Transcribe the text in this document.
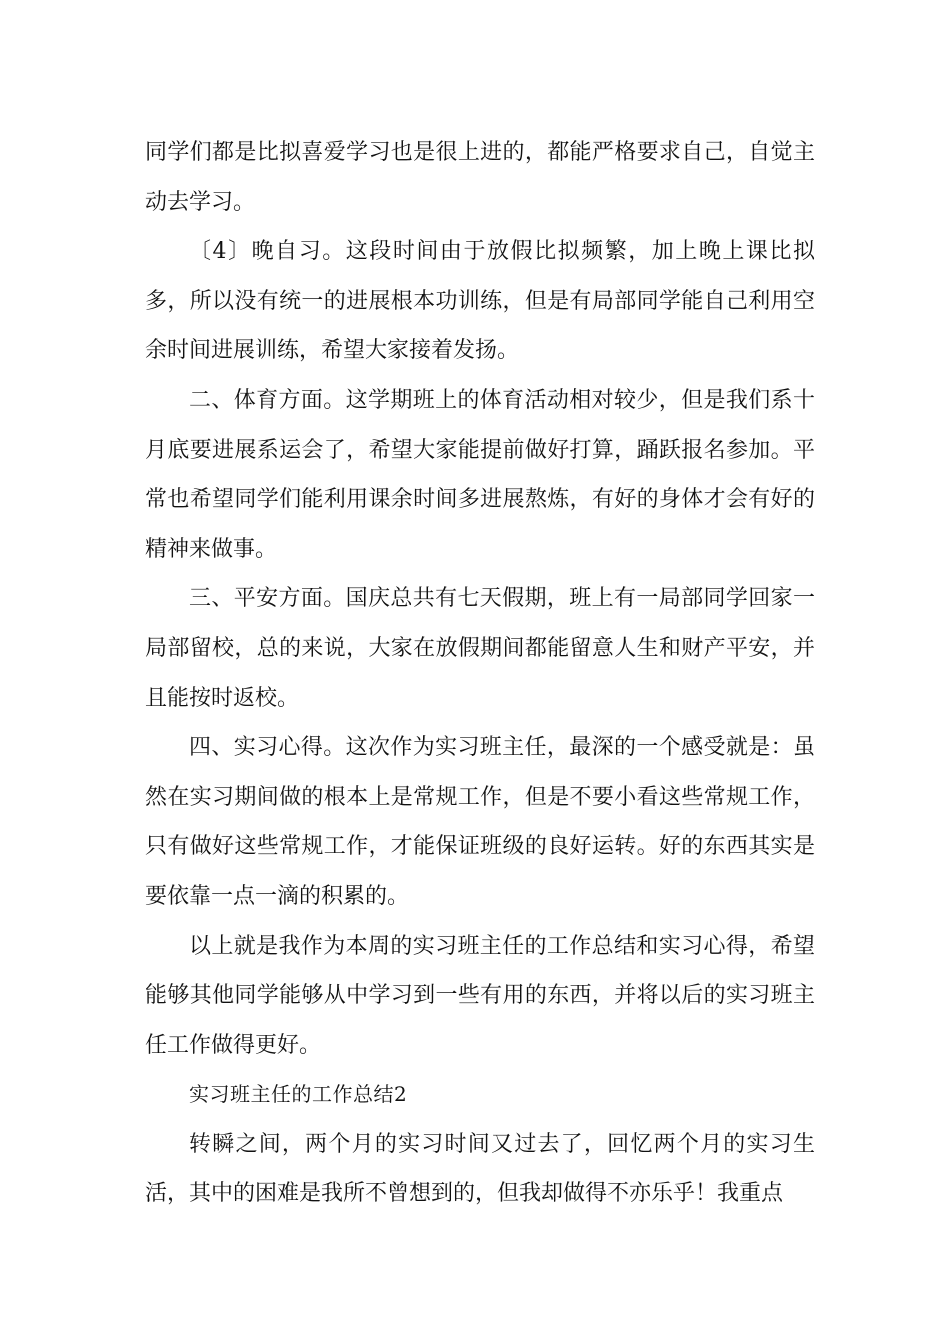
同学们都是比拟喜爱学习也是很上进的，都能严格要求自己，自觉主动去学习。

〔4〕晚自习。这段时间由于放假比拟频繁，加上晚上课比拟多，所以没有统一的进展根本功训练，但是有局部同学能自己利用空余时间进展训练，希望大家接着发扬。

二、体育方面。这学期班上的体育活动相对较少，但是我们系十月底要进展系运会了，希望大家能提前做好打算，踊跃报名参加。平常也希望同学们能利用课余时间多进展熬炼，有好的身体才会有好的精神来做事。

三、平安方面。国庆总共有七天假期，班上有一局部同学回家一局部留校，总的来说，大家在放假期间都能留意人生和财产平安，并且能按时返校。

四、实习心得。这次作为实习班主任，最深的一个感受就是：虽然在实习期间做的根本上是常规工作，但是不要小看这些常规工作，只有做好这些常规工作，才能保证班级的良好运转。好的东西其实是要依靠一点一滴的积累的。

以上就是我作为本周的实习班主任的工作总结和实习心得，希望能够其他同学能够从中学习到一些有用的东西，并将以后的实习班主任工作做得更好。

实习班主任的工作总结2

转瞬之间，两个月的实习时间又过去了，回忆两个月的实习生活，其中的困难是我所不曾想到的，但我却做得不亦乐乎！我重点
